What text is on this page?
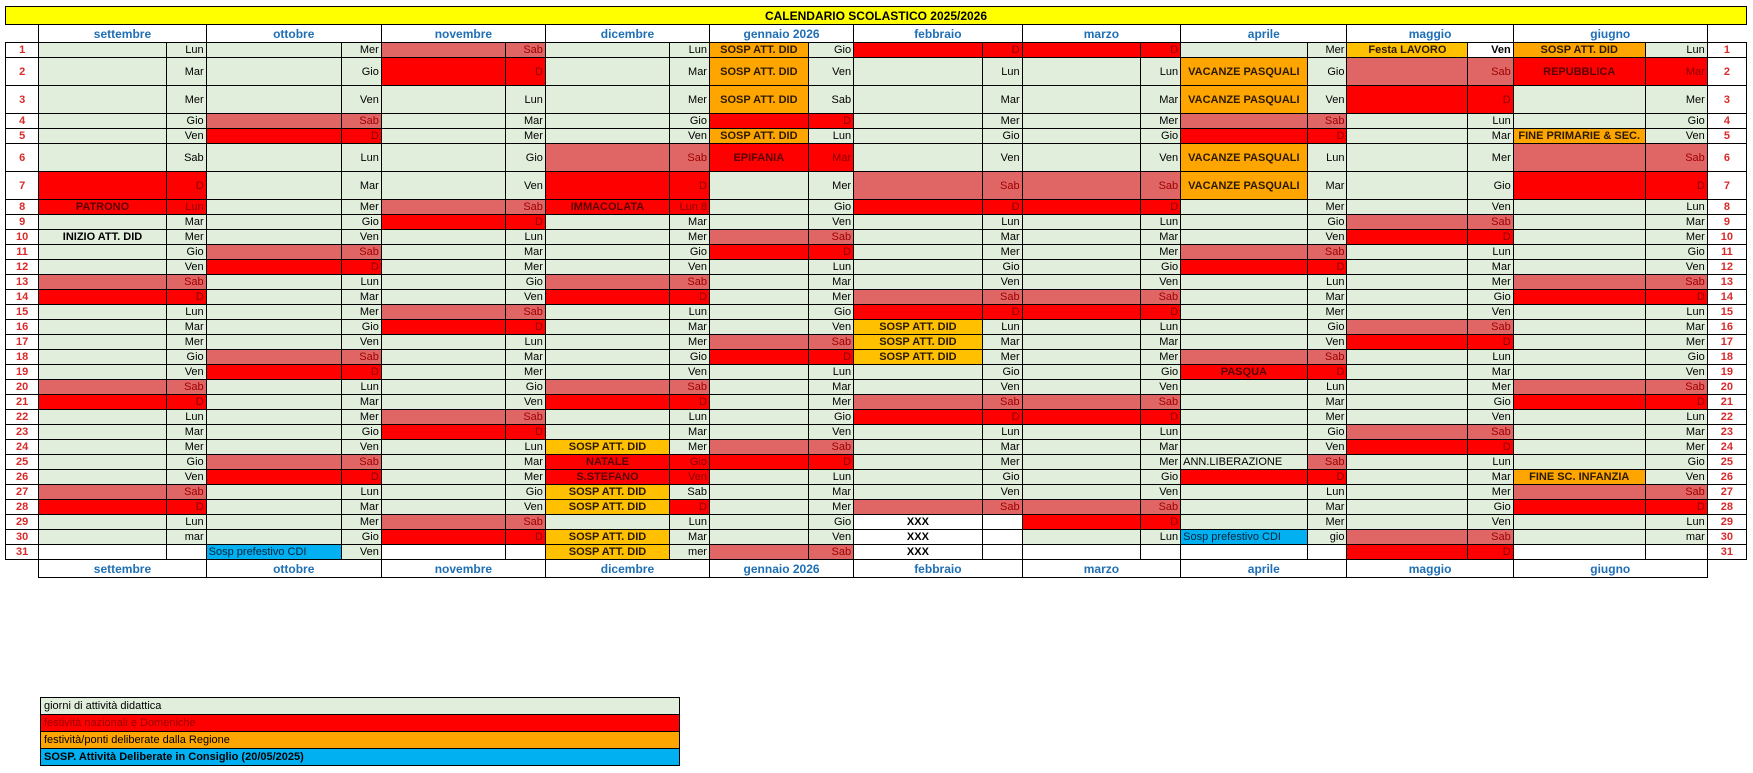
CALENDARIO SCOLASTICO 2025/2026																					
	settembre		ottobre		novembre		dicembre		gennaio 2026		febbraio		marzo		aprile		maggio		giugno		
1		Lun		Mer		Sab		Lun	SOSP ATT. DID	Gio		D		D		Mer	Festa LAVORO	Ven	SOSP ATT. DID	Lun	1
2		Mar		Gio		D		Mar	SOSP ATT. DID	Ven		Lun		Lun	VACANZE PASQUALI	Gio		Sab	REPUBBLICA	Mar	2
3		Mer		Ven		Lun		Mer	SOSP ATT. DID	Sab		Mar		Mar	VACANZE PASQUALI	Ven		D		Mer	3
4		Gio		Sab		Mar		Gio		D		Mer		Mer		Sab		Lun		Gio	4
5		Ven		D		Mer		Ven	SOSP ATT. DID	Lun		Gio		Gio		D		Mar	FINE PRIMARIE & SEC.	Ven	5
6		Sab		Lun		Gio		Sab	EPIFANIA	Mar		Ven		Ven	VACANZE PASQUALI	Lun		Mer		Sab	6
7		D		Mar		Ven		D		Mer		Sab		Sab	VACANZE PASQUALI	Mar		Gio		D	7
8	PATRONO	Lun		Mer		Sab	IMMACOLATA	Lun 8		Gio		D		D		Mer		Ven		Lun	8
9		Mar		Gio		D		Mar		Ven		Lun		Lun		Gio		Sab		Mar	9
10	INIZIO ATT. DID	Mer		Ven		Lun		Mer		Sab		Mar		Mar		Ven		D		Mer	10
11		Gio		Sab		Mar		Gio		D		Mer		Mer		Sab		Lun		Gio	11
12		Ven		D		Mer		Ven		Lun		Gio		Gio		D		Mar		Ven	12
13		Sab		Lun		Gio		Sab		Mar		Ven		Ven		Lun		Mer		Sab	13
14		D		Mar		Ven		D		Mer		Sab		Sab		Mar		Gio		D	14
15		Lun		Mer		Sab		Lun		Gio		D		D		Mer		Ven		Lun	15
16		Mar		Gio		D		Mar		Ven	SOSP ATT. DID	Lun		Lun		Gio		Sab		Mar	16
17		Mer		Ven		Lun		Mer		Sab	SOSP ATT. DID	Mar		Mar		Ven		D		Mer	17
18		Gio		Sab		Mar		Gio		D	SOSP ATT. DID	Mer		Mer		Sab		Lun		Gio	18
19		Ven		D		Mer		Ven		Lun		Gio		Gio	PASQUA	D		Mar		Ven	19
20		Sab		Lun		Gio		Sab		Mar		Ven		Ven		Lun		Mer		Sab	20
21		D		Mar		Ven		D		Mer		Sab		Sab		Mar		Gio		D	21
22		Lun		Mer		Sab		Lun		Gio		D		D		Mer		Ven		Lun	22
23		Mar		Gio		D		Mar		Ven		Lun		Lun		Gio		Sab		Mar	23
24		Mer		Ven		Lun	SOSP ATT. DID	Mer		Sab		Mar		Mar		Ven		D		Mer	24
25		Gio		Sab		Mar	NATALE	Gio		D		Mer		Mer	ANN.LIBERAZIONE	Sab		Lun		Gio	25
26		Ven		D		Mer	S.STEFANO	Ven		Lun		Gio		Gio		D		Mar	FINE SC. INFANZIA	Ven	26
27		Sab		Lun		Gio	SOSP ATT. DID	Sab		Mar		Ven		Ven		Lun		Mer		Sab	27
28		D		Mar		Ven	SOSP ATT. DID	D		Mer		Sab		Sab		Mar		Gio		D	28
29		Lun		Mer		Sab		Lun		Gio	XXX			D		Mer		Ven		Lun	29
30		mar		Gio		D	SOSP ATT. DID	Mar		Ven	XXX			Lun	Sosp prefestivo CDI	gio		Sab		mar	30
31			Sosp prefestivo CDI	Ven			SOSP ATT. DID	mer		Sab	XXX							D			31
	settembre		ottobre		novembre		dicembre		gennaio 2026		febbraio		marzo		aprile		maggio		giugno		
giorni di attività didattica
festività nazionali e Domeniche
festività/ponti deliberate dalla Regione
SOSP. Attività Deliberate in Consiglio (20/05/2025)
